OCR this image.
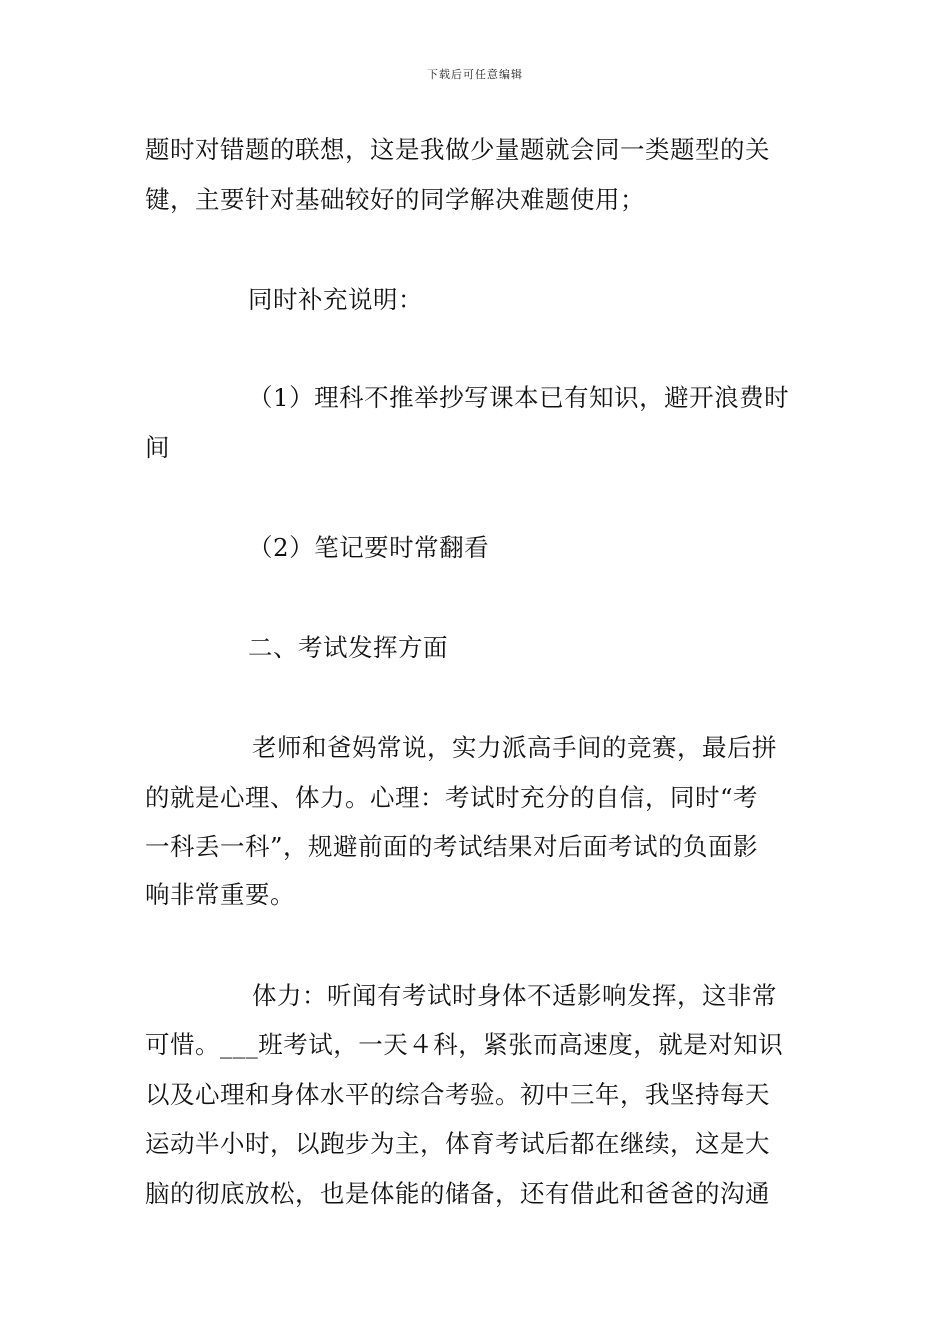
下载后可任意编辑
题时对错题的联想，这是我做少量题就会同一类题型的关
键，主要针对基础较好的同学解决难题使用；
同时补充说明：
（1）理科不推举抄写课本已有知识，避开浪费时
间
（2）笔记要时常翻看
二、考试发挥方面
老师和爸妈常说，实力派高手间的竞赛，最后拼
的就是心理、体力。心理：考试时充分的自信，同时“考
一科丢一科”，规避前面的考试结果对后面考试的负面影
响非常重要。
体力：听闻有考试时身体不适影响发挥，这非常
可惜。___班考试，一天４科，紧张而高速度，就是对知识
以及心理和身体水平的综合考验。初中三年，我坚持每天
运动半小时，以跑步为主，体育考试后都在继续，这是大
脑的彻底放松，也是体能的储备，还有借此和爸爸的沟通
